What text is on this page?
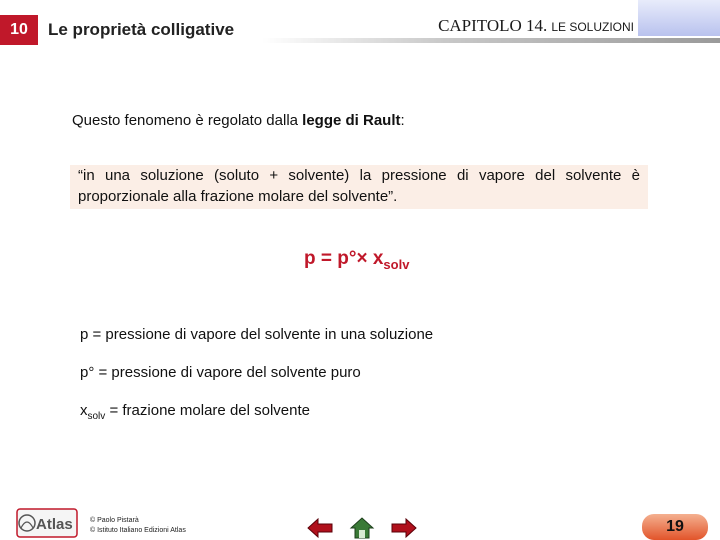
10	Le proprietà colligative	CAPITOLO 14. LE SOLUZIONI
Questo fenomeno è regolato dalla legge di Rault:
“in una soluzione (soluto + solvente) la pressione di vapore del solvente è
proporzionale alla frazione molare del solvente”.
$p = p^\circ\times x_{solv}$
p = pressione di vapore del solvente in una soluzione
p° = pressione di vapore del solvente puro
$x_{solv}$ = frazione molare del solvente
Atlas © Paolo Pistarà
© Istituto Italiano Edizioni Atlas	19
